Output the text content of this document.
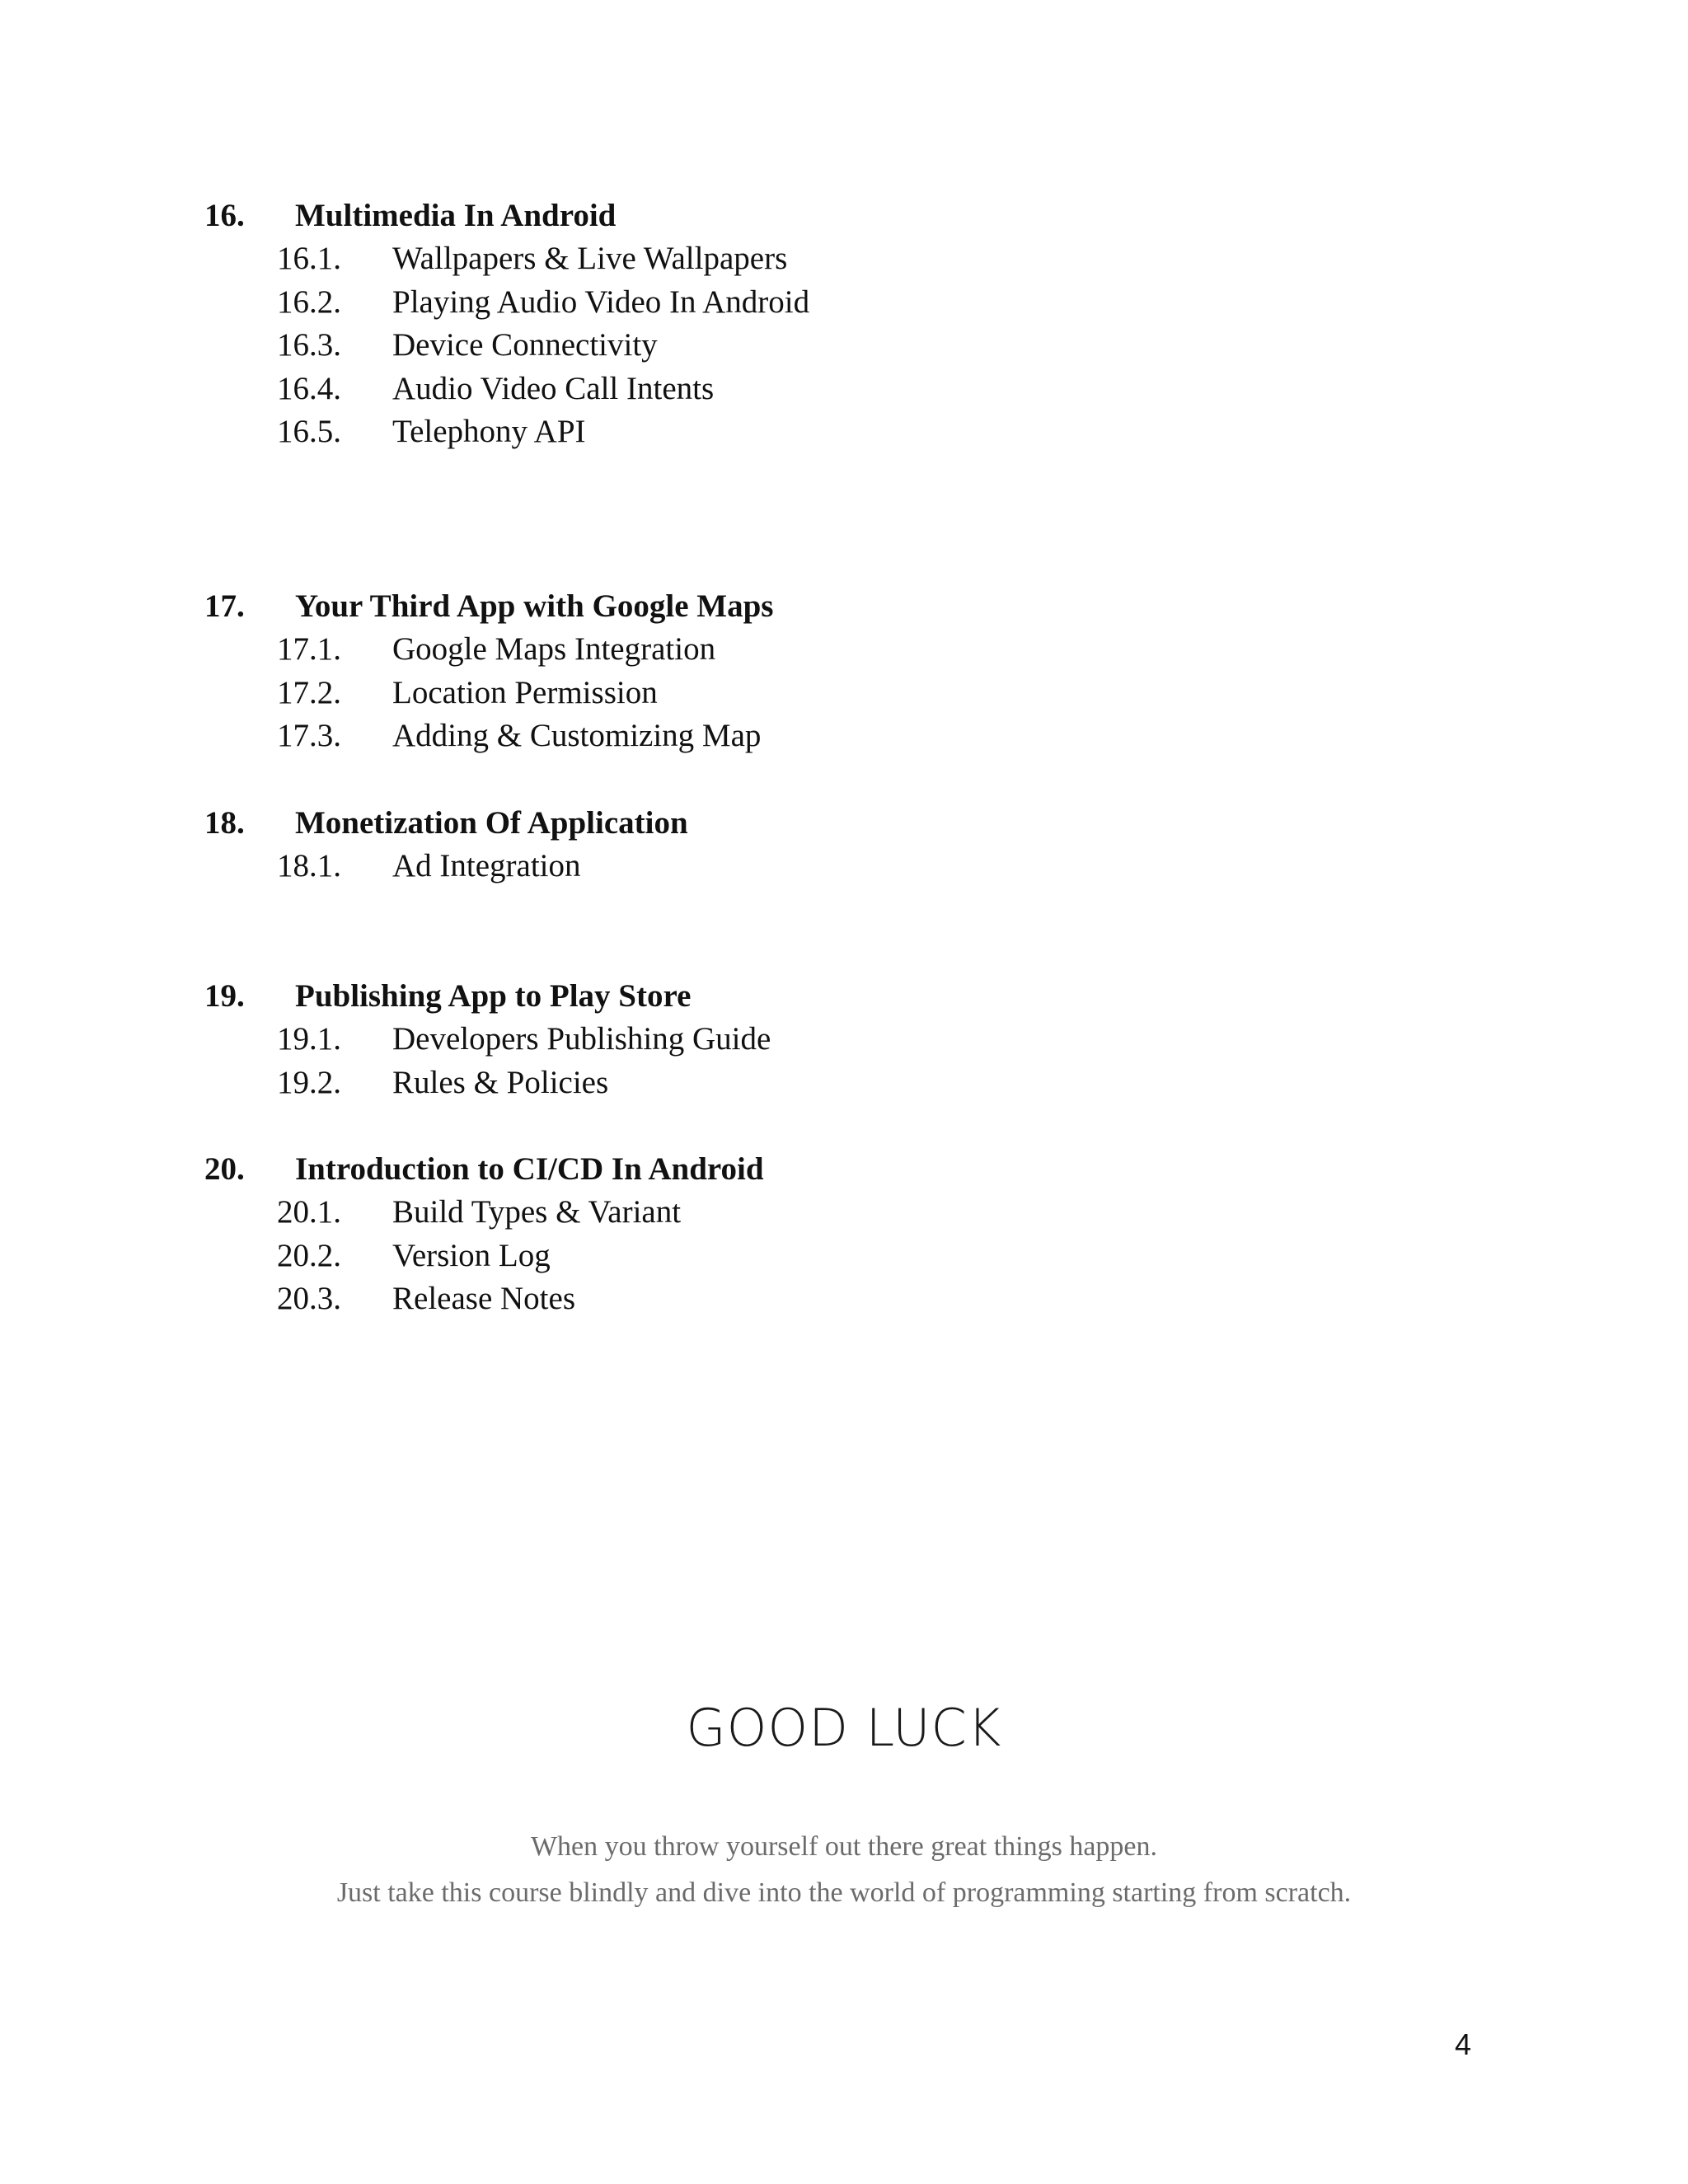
16. Multimedia In Android
16.1. Wallpapers & Live Wallpapers
16.2. Playing Audio Video In Android
16.3. Device Connectivity
16.4. Audio Video Call Intents
16.5. Telephony API
17. Your Third App with Google Maps
17.1. Google Maps Integration
17.2. Location Permission
17.3. Adding & Customizing Map
18. Monetization Of Application
18.1. Ad Integration
19. Publishing App to Play Store
19.1. Developers Publishing Guide
19.2. Rules & Policies
20. Introduction to CI/CD In Android
20.1. Build Types & Variant
20.2. Version Log
20.3. Release Notes
GOOD LUCK
When you throw yourself out there great things happen.
Just take this course blindly and dive into the world of programming starting from scratch.
4
